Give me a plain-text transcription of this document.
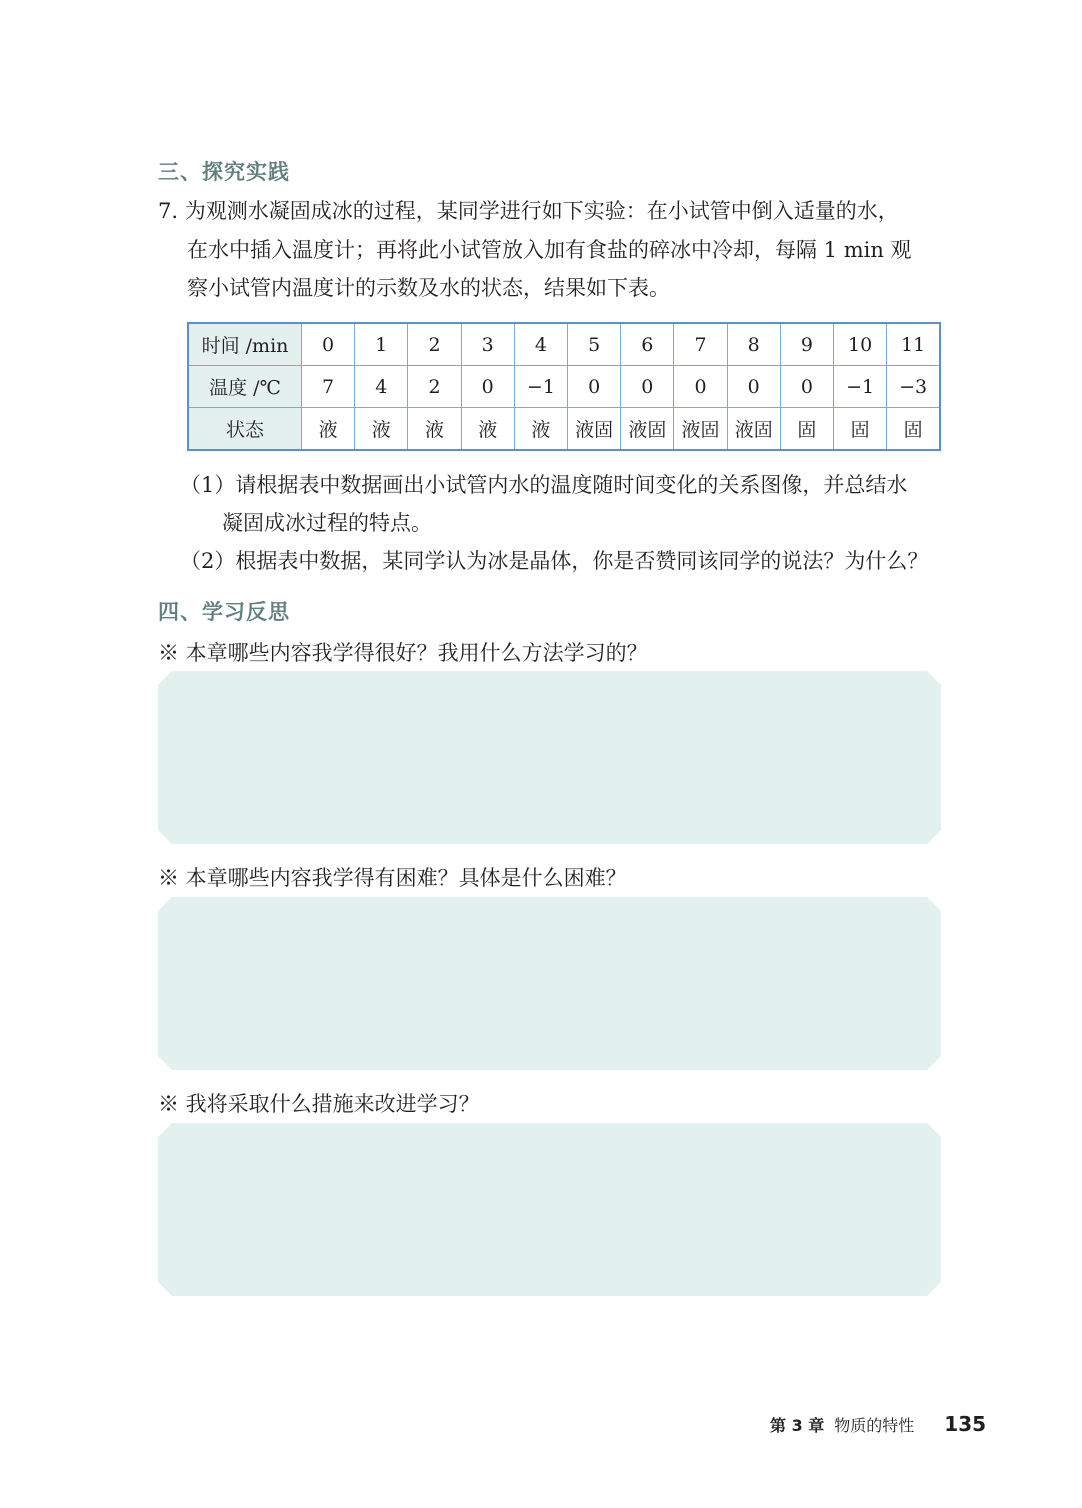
三、探究实践
7. 为观测水凝固成冰的过程，某同学进行如下实验：在小试管中倒入适量的水，
在水中插入温度计；再将此小试管放入加有食盐的碎冰中冷却，每隔 1 min 观
察小试管内温度计的示数及水的状态，结果如下表。
时间 /min	0	1	2	3	4	5	6	7	8	9	10	11
温度 /℃	7	4	2	0	−1	0	0	0	0	0	−1	−3
状态	液	液	液	液	液	液固	液固	液固	液固	固	固	固
（1）请根据表中数据画出小试管内水的温度随时间变化的关系图像，并总结水
凝固成冰过程的特点。
（2）根据表中数据，某同学认为冰是晶体，你是否赞同该同学的说法？为什么？
四、学习反思

※ 本章哪些内容我学得很好？我用什么方法学习的？

※ 本章哪些内容我学得有困难？具体是什么困难？

※ 我将采取什么措施来改进学习？

第 3 章 物质的特性 135
